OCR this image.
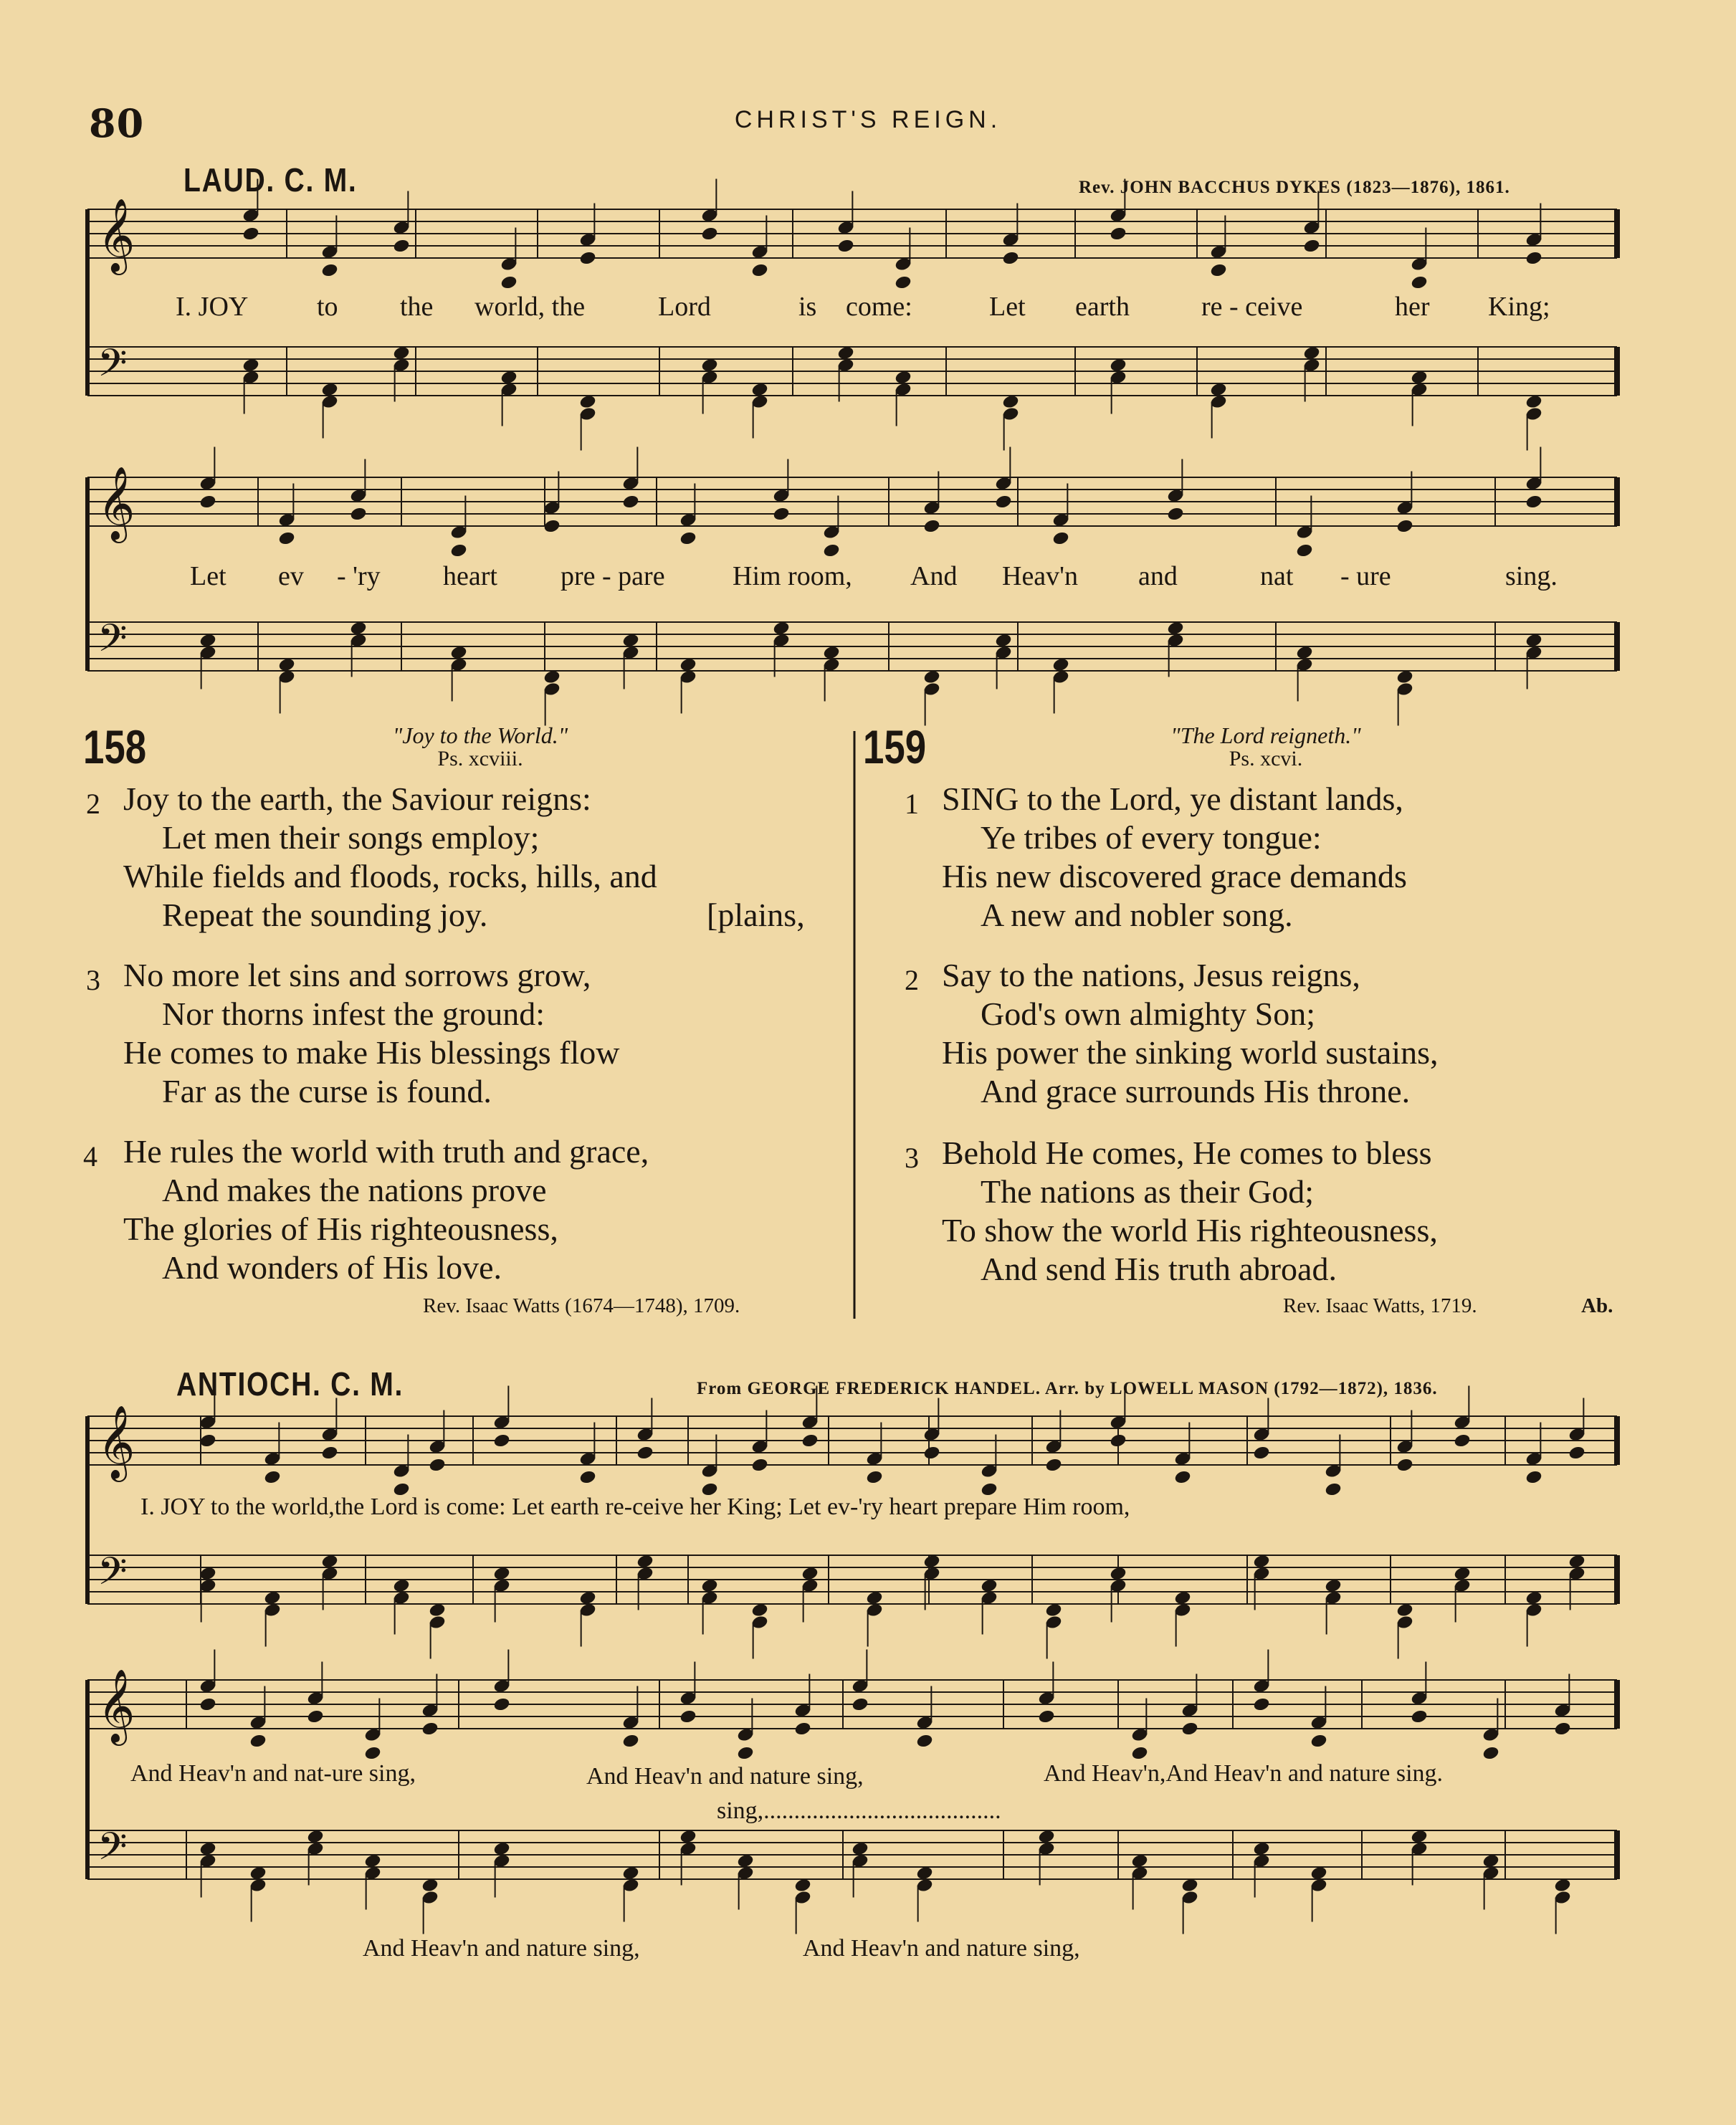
80	CHRIST'S REIGN.
𝄞
𝄢
𝄞
𝄢
𝄞
𝄢
𝄞
𝄢
LAUD. C. M.	Rev. JOHN BACCHUS DYKES (1823—1876), 1861.
I. JOY	to the world, the	Lord	is come:	Let earth	re - ceive	her King;
Let ev - 'ry heart pre - pare Him room, And Heav'n and	nat - ure	sing.
158	"Joy to the World."
Ps. xcviii.
2 Joy to the earth, the Saviour reigns:
Let men their songs employ;
While fields and floods, rocks, hills, and
Repeat the sounding joy.	[plains,
3 No more let sins and sorrows grow,
Nor thorns infest the ground:
He comes to make His blessings flow
Far as the curse is found.
4 He rules the world with truth and grace,
And makes the nations prove
The glories of His righteousness,
And wonders of His love.
Rev. Isaac Watts (1674—1748), 1709.
159	"The Lord reigneth."
Ps. xcvi.
1 SING to the Lord, ye distant lands,
Ye tribes of every tongue:
His new discovered grace demands
A new and nobler song.
2 Say to the nations, Jesus reigns,
God's own almighty Son;
His power the sinking world sustains,
And grace surrounds His throne.
3 Behold He comes, He comes to bless
The nations as their God;
To show the world His righteousness,
And send His truth abroad.
Rev. Isaac Watts, 1719.	Ab.
ANTIOCH. C. M.	From GEORGE FREDERICK HANDEL. Arr. by LOWELL MASON (1792—1872), 1836.
I. JOY to the world,the Lord is come: Let earth re-ceive her King; Let ev-'ry heart prepare Him room,
And Heav'n and nat-ure sing,	And Heav'n and nature sing,	And Heav'n,And Heav'n and nature sing.
sing,.......................................
And Heav'n and nature sing,	And Heav'n and nature sing,
